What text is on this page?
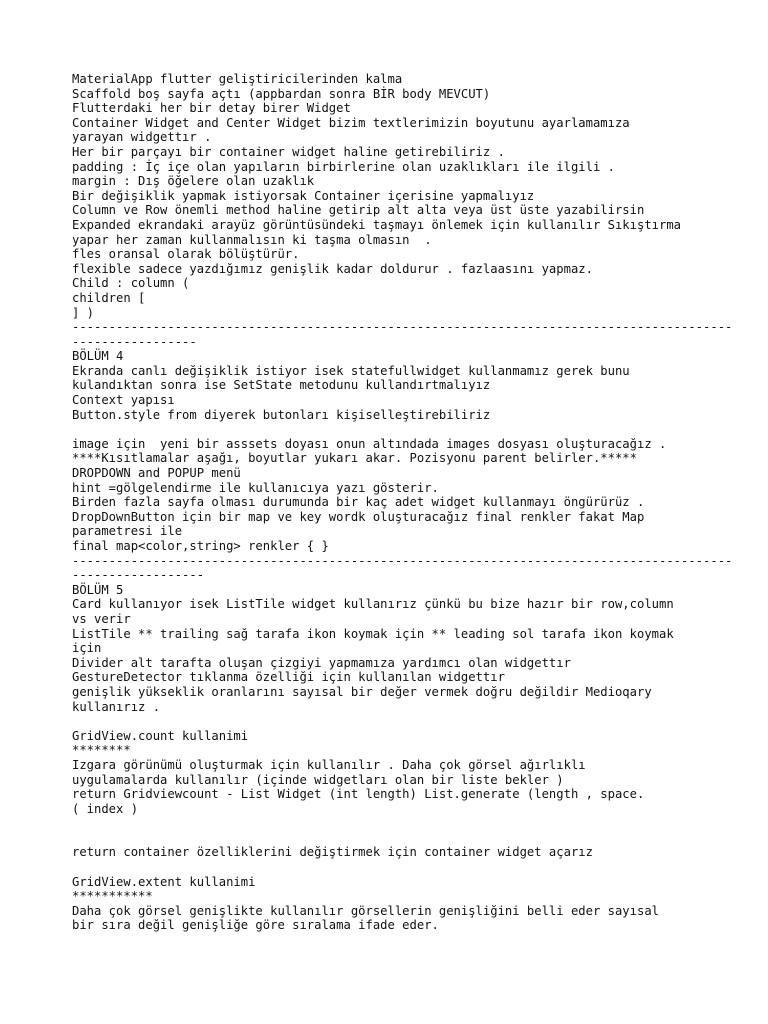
MaterialApp flutter geliştiricilerinden kalma
Scaffold boş sayfa açtı (appbardan sonra BİR body MEVCUT)
Flutterdaki her bir detay birer Widget
Container Widget and Center Widget bizim textlerimizin boyutunu ayarlamamıza
yarayan widgettır .
Her bir parçayı bir container widget haline getirebiliriz .
padding : İç içe olan yapıların birbirlerine olan uzaklıkları ile ilgili .
margin : Dış öğelere olan uzaklık
Bir değişiklik yapmak istiyorsak Container içerisine yapmalıyız
Column ve Row önemli method haline getirip alt alta veya üst üste yazabilirsin
Expanded ekrandaki arayüz görüntüsündeki taşmayı önlemek için kullanılır Sıkıştırma
yapar her zaman kullanmalısın ki taşma olmasın  .
fles oransal olarak bölüştürür.
flexible sadece yazdığımız genişlik kadar doldurur . fazlaasını yapmaz.
Child : column (
children [
] )
------------------------------------------------------------------------------------------
-----------------
BÖLÜM 4
Ekranda canlı değişiklik istiyor isek statefullwidget kullanmamız gerek bunu
kulandıktan sonra ise SetState metodunu kullandırtmalıyız
Context yapısı
Button.style from diyerek butonları kişiselleştirebiliriz
image için  yeni bir asssets doyası onun altındada images dosyası oluşturacağız .
****Kısıtlamalar aşağı, boyutlar yukarı akar. Pozisyonu parent belirler.*****
DROPDOWN and POPUP menü
hint =gölgelendirme ile kullanıcıya yazı gösterir.
Birden fazla sayfa olması durumunda bir kaç adet widget kullanmayı öngürürüz .
DropDownButton için bir map ve key wordk oluşturacağız final renkler fakat Map
parametresi ile
final map<color,string> renkler { }
------------------------------------------------------------------------------------------
------------------
BÖLÜM 5
Card kullanıyor isek ListTile widget kullanırız çünkü bu bize hazır bir row,column
vs verir
ListTile ** trailing sağ tarafa ikon koymak için ** leading sol tarafa ikon koymak
için
Divider alt tarafta oluşan çizgiyi yapmamıza yardımcı olan widgettır
GestureDetector tıklanma özelliği için kullanılan widgettır
genişlik yükseklik oranlarını sayısal bir değer vermek doğru değildir Medioqary
kullanırız .
GridView.count kullanimi
********
Izgara görünümü oluşturmak için kullanılır . Daha çok görsel ağırlıklı
uygulamalarda kullanılır (içinde widgetları olan bir liste bekler )
return Gridviewcount - List Widget (int length) List.generate (length , space.
( index )
return container özelliklerini değiştirmek için container widget açarız
GridView.extent kullanimi
***********
Daha çok görsel genişlikte kullanılır görsellerin genişliğini belli eder sayısal
bir sıra değil genişliğe göre sıralama ifade eder.
